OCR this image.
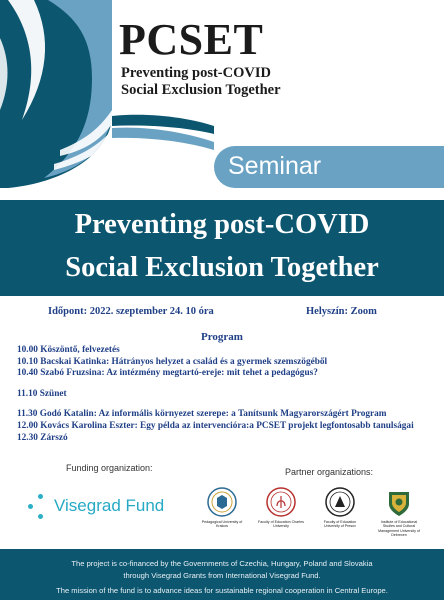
PCSET
Preventing post-COVID
Social Exclusion Together
Seminar
Preventing post-COVID
Social Exclusion Together
Időpont: 2022. szeptember 24. 10 óra	Helyszín: Zoom
Program
10.00 Köszöntő, felvezetés
10.10 Bacskai Katinka: Hátrányos helyzet a család és a gyermek szemszögéből
10.40 Szabó Fruzsina: Az intézmény megtartó-ereje: mit tehet a pedagógus?
11.10 Szünet
11.30 Godó Katalin: Az informális környezet szerepe: a Tanítsunk Magyarországért Program
12.00 Kovács Karolina Eszter: Egy példa az intervencióra:a PCSET projekt legfontosabb tanulságai
12.30 Zárszó
Funding organization:
Visegrad Fund
Partner organizations:
Pedagogical University of Krakow
Faculty of Education Charles University
Faculty of Education University of Presov
Institute of Educational Studies and Cultural Management University of Debrecen
The project is co-financed by the Governments of Czechia, Hungary, Poland and Slovakia
through Visegrad Grants from International Visegrad Fund.
The mission of the fund is to advance ideas for sustainable regional cooperation in Central Europe.
